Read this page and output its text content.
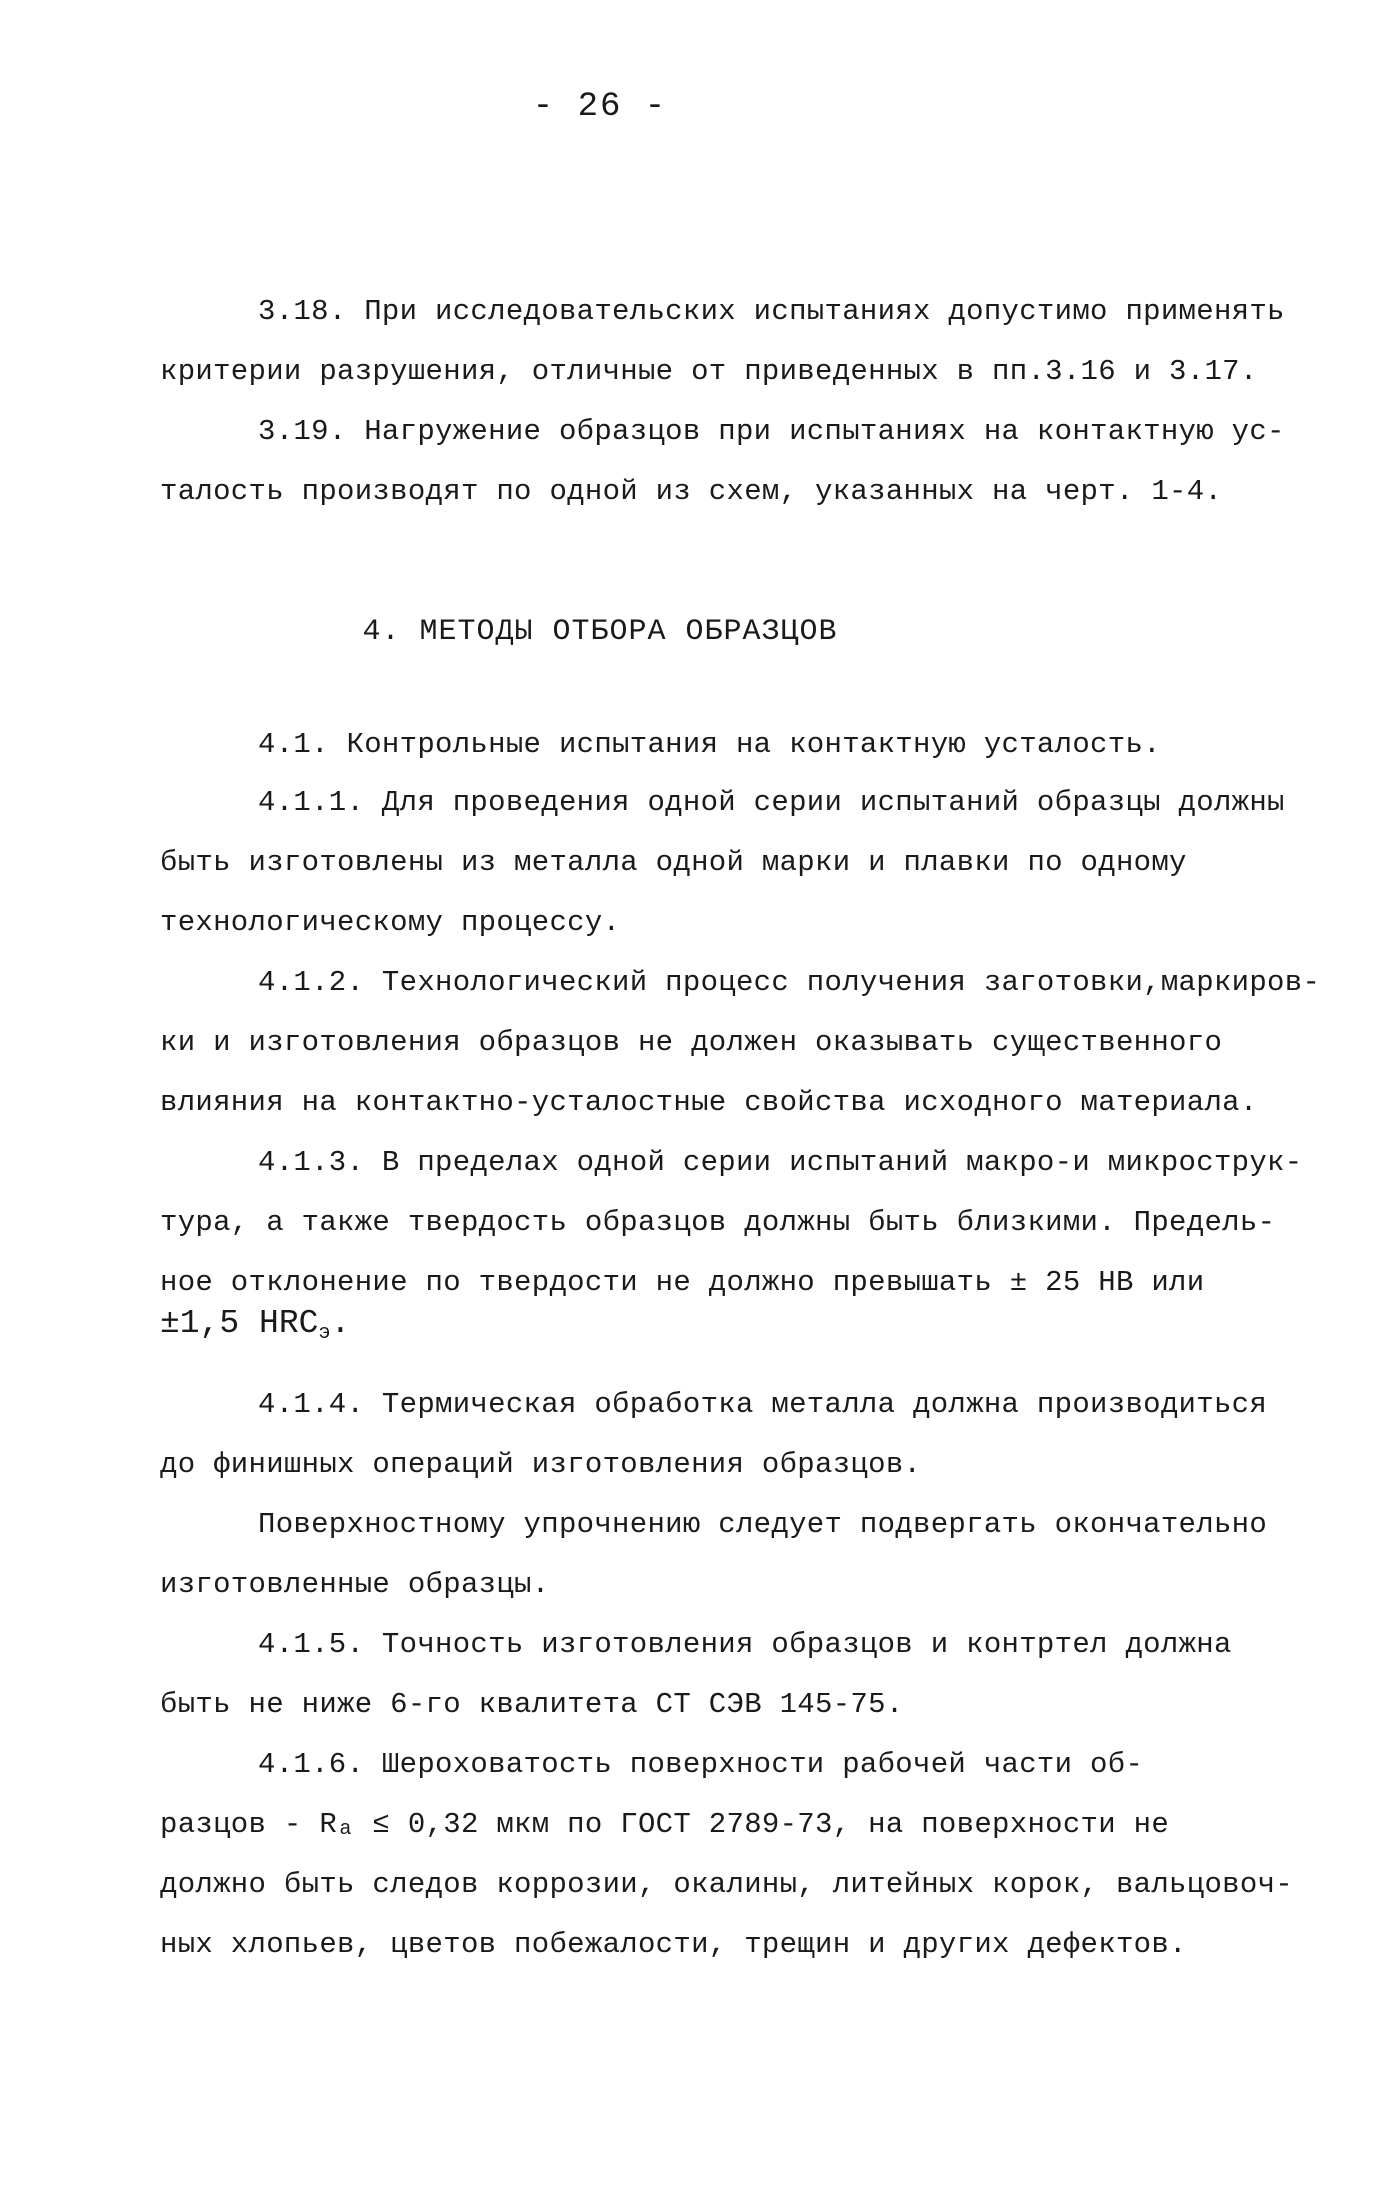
- 26 -
3.18. При исследовательских испытаниях допустимо применять
критерии разрушения, отличные от приведенных в пп.3.16 и 3.17.
3.19. Нагружение образцов при испытаниях на контактную ус-
талость производят по одной из схем, указанных на черт. 1-4.
4. МЕТОДЫ ОТБОРА ОБРАЗЦОВ
4.1. Контрольные испытания на контактную усталость.
4.1.1. Для проведения одной серии испытаний образцы должны
быть изготовлены из металла одной марки и плавки по одному
технологическому процессу.
4.1.2. Технологический процесс получения заготовки,маркиров-
ки и изготовления образцов не должен оказывать существенного
влияния на контактно-усталостные свойства исходного материала.
4.1.3. В пределах одной серии испытаний макро-и микрострук-
тура, а также твердость образцов должны быть близкими. Предель-
ное отклонение по твердости не должно превышать ± 25 НВ или
±1,5 $HRC_э$.
4.1.4. Термическая обработка металла должна производиться
до финишных операций изготовления образцов.
Поверхностному упрочнению следует подвергать окончательно
изготовленные образцы.
4.1.5. Точность изготовления образцов и контртел должна
быть не ниже 6-го квалитета СТ СЭВ 145-75.
4.1.6. Шероховатость поверхности рабочей части об-
разцов - Rₐ ≤ 0,32 мкм по ГОСТ 2789-73, на поверхности не
должно быть следов коррозии, окалины, литейных корок, вальцовоч-
ных хлопьев, цветов побежалости, трещин и других дефектов.
